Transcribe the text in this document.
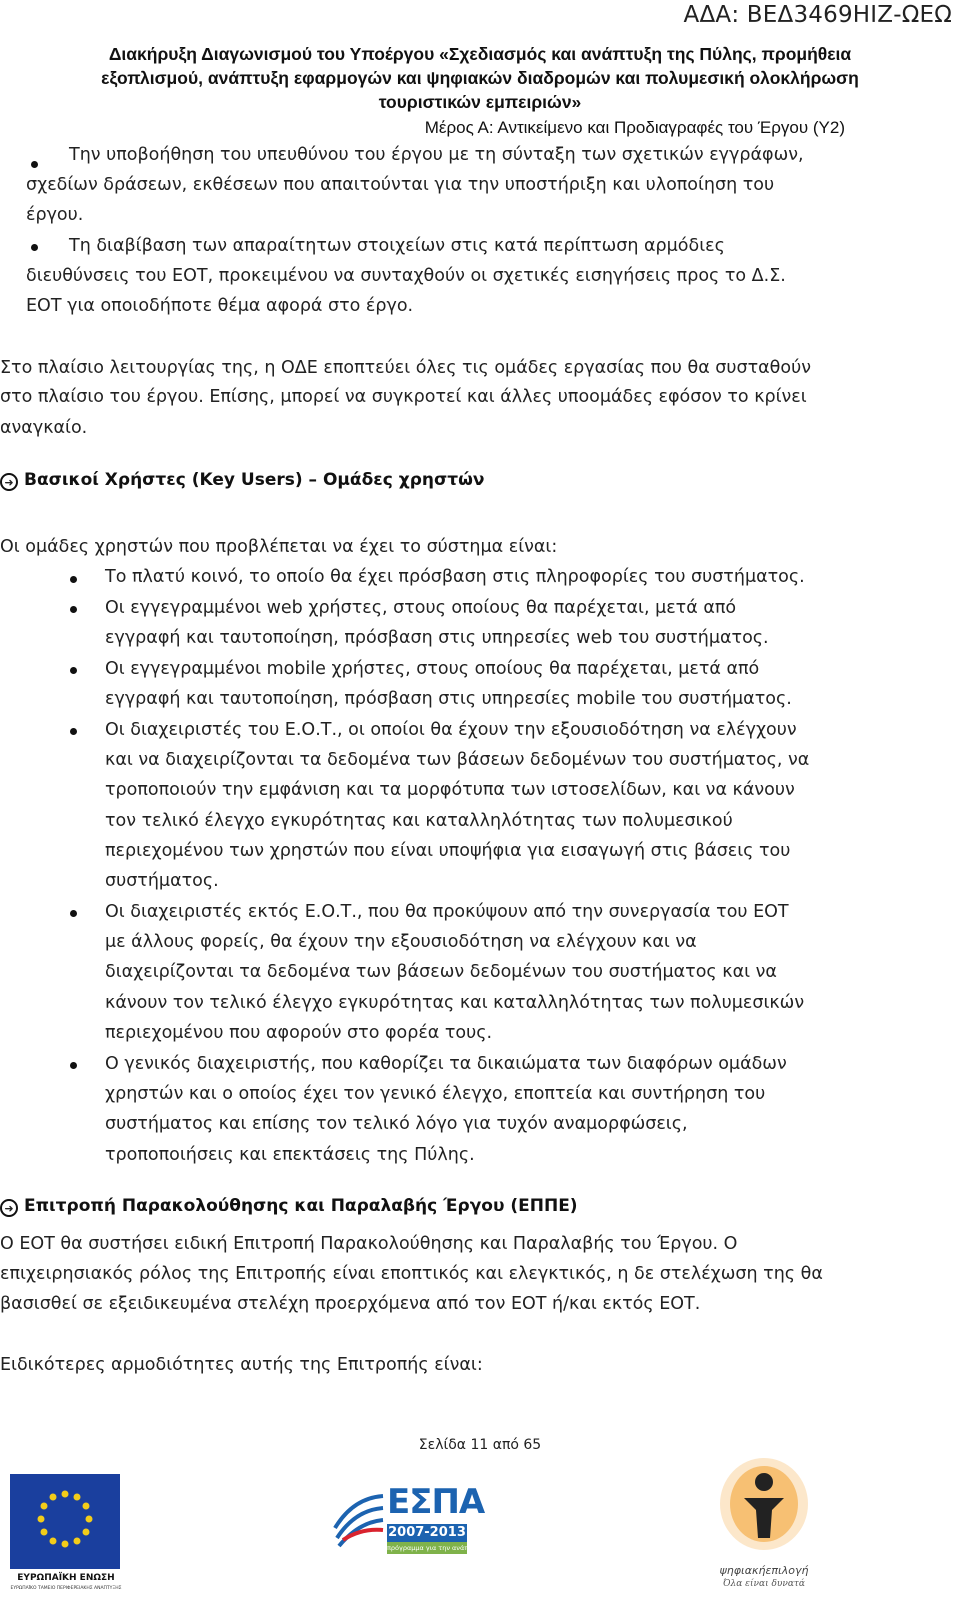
ΑΔΑ: ΒΕΔ3469ΗΙΖ-ΩΕΩ
Διακήρυξη Διαγωνισμού του Υποέργου «Σχεδιασμός και ανάπτυξη της Πύλης, προμήθεια
εξοπλισμού, ανάπτυξη εφαρμογών και ψηφιακών διαδρομών και πολυμεσική ολοκλήρωση
τουριστικών εμπειριών»
Μέρος Α: Αντικείμενο και Προδιαγραφές του Έργου (Υ2)
Την υποβοήθηση του υπευθύνου του έργου με τη σύνταξη των σχετικών εγγράφων,
σχεδίων δράσεων, εκθέσεων που απαιτούνται για την υποστήριξη και υλοποίηση του
έργου.
Τη διαβίβαση των απαραίτητων στοιχείων στις κατά περίπτωση αρμόδιες
διευθύνσεις του ΕΟΤ, προκειμένου να συνταχθούν οι σχετικές εισηγήσεις προς το Δ.Σ.
ΕΟΤ για οποιοδήποτε θέμα αφορά στο έργο.
Στο πλαίσιο λειτουργίας της, η ΟΔΕ εποπτεύει όλες τις ομάδες εργασίας που θα συσταθούν
στο πλαίσιο του έργου. Επίσης, μπορεί να συγκροτεί και άλλες υποομάδες εφόσον το κρίνει
αναγκαίο.
➜ Βασικοί Χρήστες (Key Users) – Ομάδες χρηστών
Οι ομάδες χρηστών που προβλέπεται να έχει το σύστημα είναι:
Το πλατύ κοινό, το οποίο θα έχει πρόσβαση στις πληροφορίες του συστήματος.
Οι εγγεγραμμένοι web χρήστες, στους οποίους θα παρέχεται, μετά από
εγγραφή και ταυτοποίηση, πρόσβαση στις υπηρεσίες web του συστήματος.
Οι εγγεγραμμένοι mobile χρήστες, στους οποίους θα παρέχεται, μετά από
εγγραφή και ταυτοποίηση, πρόσβαση στις υπηρεσίες mobile του συστήματος.
Οι διαχειριστές του Ε.Ο.Τ., οι οποίοι θα έχουν την εξουσιοδότηση να ελέγχουν
και να διαχειρίζονται τα δεδομένα των βάσεων δεδομένων του συστήματος, να
τροποποιούν την εμφάνιση και τα μορφότυπα των ιστοσελίδων, και να κάνουν
τον τελικό έλεγχο εγκυρότητας και καταλληλότητας των πολυμεσικού
περιεχομένου των χρηστών που είναι υποψήφια για εισαγωγή στις βάσεις του
συστήματος.
Οι διαχειριστές εκτός Ε.Ο.Τ., που θα προκύψουν από την συνεργασία του ΕΟΤ
με άλλους φορείς, θα έχουν την εξουσιοδότηση να ελέγχουν και να
διαχειρίζονται τα δεδομένα των βάσεων δεδομένων του συστήματος και να
κάνουν τον τελικό έλεγχο εγκυρότητας και καταλληλότητας των πολυμεσικών
περιεχομένου που αφορούν στο φορέα τους.
Ο γενικός διαχειριστής, που καθορίζει τα δικαιώματα των διαφόρων ομάδων
χρηστών και ο οποίος έχει τον γενικό έλεγχο, εποπτεία και συντήρηση του
συστήματος και επίσης τον τελικό λόγο για τυχόν αναμορφώσεις,
τροποποιήσεις και επεκτάσεις της Πύλης.
➜ Επιτροπή Παρακολούθησης και Παραλαβής Έργου (ΕΠΠΕ)
Ο ΕΟΤ θα συστήσει ειδική Επιτροπή Παρακολούθησης και Παραλαβής του Έργου. Ο
επιχειρησιακός ρόλος της Επιτροπής είναι εποπτικός και ελεγκτικός, η δε στελέχωση της θα
βασισθεί σε εξειδικευμένα στελέχη προερχόμενα από τον ΕΟΤ ή/και εκτός ΕΟΤ.
Ειδικότερες αρμοδιότητες αυτής της Επιτροπής είναι:
Σελίδα 11 από 65
ΕΥΡΩΠΑΪΚΗ ΕΝΩΣΗ
ΕΥΡΩΠΑΪΚΟ ΤΑΜΕΙΟ ΠΕΡΙΦΕΡΕΙΑΚΗΣ ΑΝΑΠΤΥΞΗΣ
ΕΣΠΑ
2007-2013
πρόγραμμα για την ανάπτυξη
ψηφιακήεπιλογή
Όλα είναι δυνατά
